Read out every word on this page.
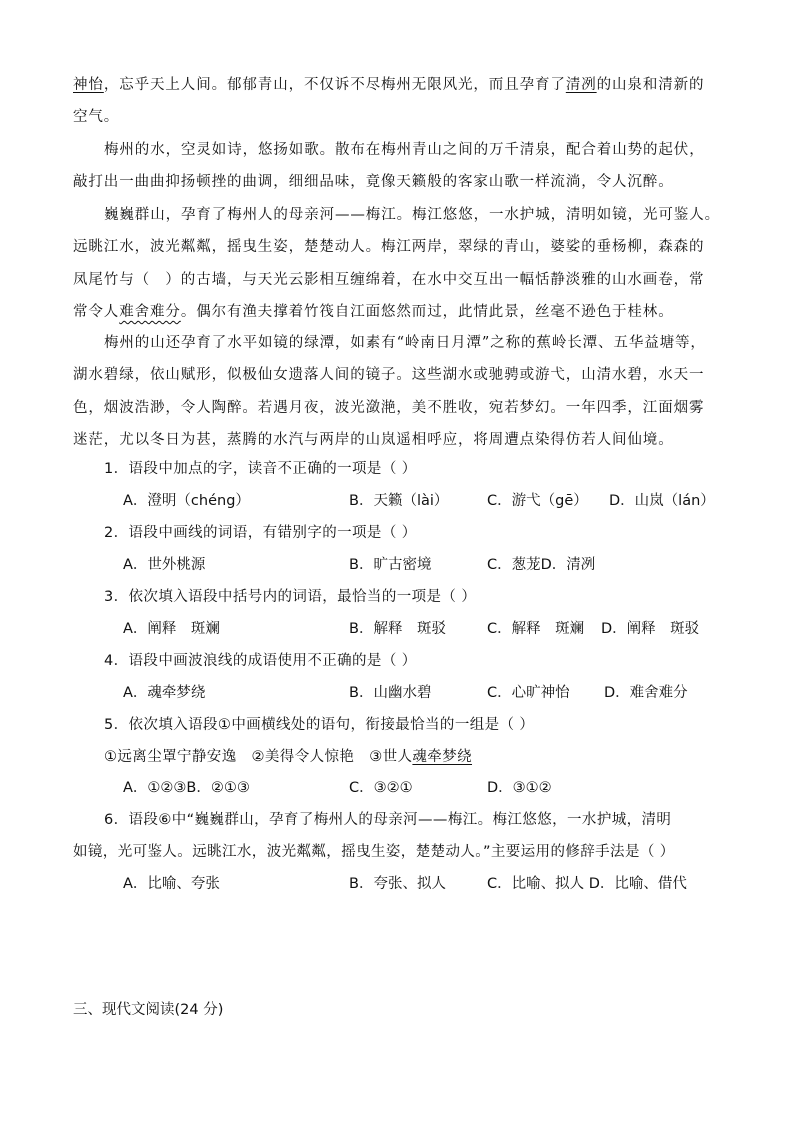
神怡，忘乎天上人间。郁郁青山，不仅诉不尽梅州无限风光，而且孕育了清冽的山泉和清新的
空气。
梅州的水，空灵如诗，悠扬如歌。散布在梅州青山之间的万千清泉，配合着山势的起伏，
敲打出一曲曲抑扬顿挫的曲调，细细品味，竟像天籁般的客家山歌一样流淌，令人沉醉。
巍巍群山，孕育了梅州人的母亲河——梅江。梅江悠悠，一水护城，清明如镜，光可鉴人。
远眺江水，波光粼粼，摇曳生姿，楚楚动人。梅江两岸，翠绿的青山，婆娑的垂杨柳，森森的
凤尾竹与（　）的古墙，与天光云影相互缠绵着，在水中交互出一幅恬静淡雅的山水画卷，常
常令人难舍难分。偶尔有渔夫撑着竹筏自江面悠然而过，此情此景，丝毫不逊色于桂林。
梅州的山还孕育了水平如镜的绿潭，如素有“岭南日月潭”之称的蕉岭长潭、五华益塘等，
湖水碧绿，依山赋形，似极仙女遗落人间的镜子。这些湖水或驰骋或游弋，山清水碧，水天一
色，烟波浩渺，令人陶醉。若遇月夜，波光潋滟，美不胜收，宛若梦幻。一年四季，江面烟雾
迷茫，尤以冬日为甚，蒸腾的水汽与两岸的山岚遥相呼应，将周遭点染得仿若人间仙境。
1．语段中加点的字，读音不正确的一项是（ ）
A．澄明（chéng）	B．天籁（lài）	C．游弋（gē） D．山岚（lán）
2．语段中画线的词语，有错别字的一项是（ ）
A．世外桃源	B．旷古密境	C．葱茏D．清冽
3．依次填入语段中括号内的词语，最恰当的一项是（ ）
A．阐释　斑斓	B．解释　斑驳	C．解释　斑斓 D．阐释　斑驳
4．语段中画波浪线的成语使用不正确的是（ ）
A．魂牵梦绕	B．山幽水碧	C．心旷神怡 D．难舍难分
5．依次填入语段①中画横线处的语句，衔接最恰当的一组是（ ）
①远离尘罩宁静安逸　②美得令人惊艳　③世人魂牵梦绕
A．①②③B．②①③	C．③②①	D．③①②
6．语段⑥中“巍巍群山，孕育了梅州人的母亲河——梅江。梅江悠悠，一水护城，清明
如镜，光可鉴人。远眺江水，波光粼粼，摇曳生姿，楚楚动人。”主要运用的修辞手法是（ ）
A．比喻、夸张	B．夸张、拟人	C．比喻、拟人 D．比喻、借代
三、现代文阅读(24 分)
